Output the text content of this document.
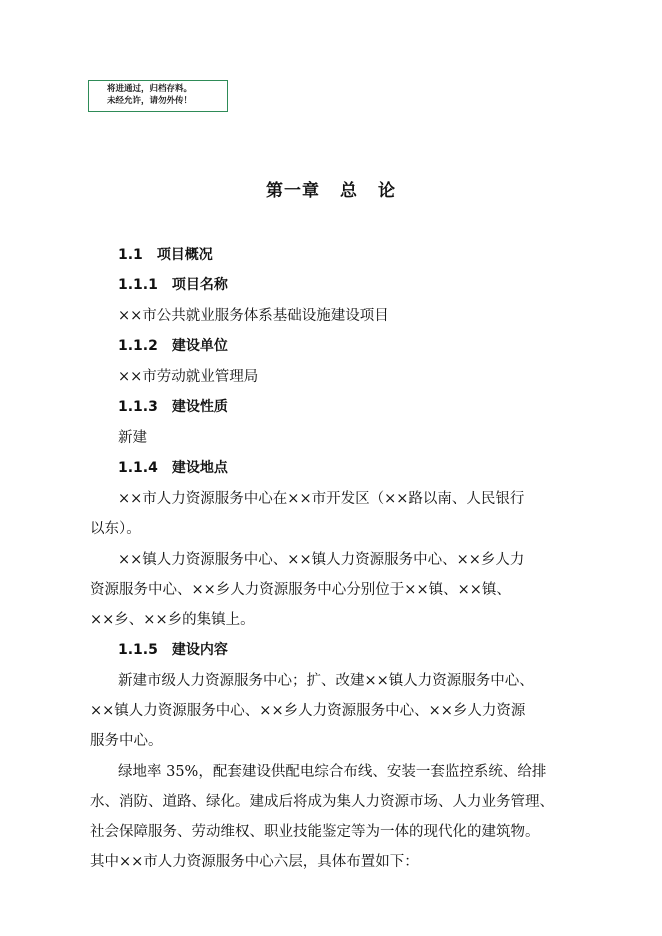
将进通过，归档存料。
未经允许，请勿外传！
第一章 总 论
1.1 项目概况
1.1.1 项目名称
××市公共就业服务体系基础设施建设项目
1.1.2 建设单位
××市劳动就业管理局
1.1.3 建设性质
新建
1.1.4 建设地点
××市人力资源服务中心在××市开发区（××路以南、人民银行
以东）。
××镇人力资源服务中心、××镇人力资源服务中心、××乡人力
资源服务中心、××乡人力资源服务中心分别位于××镇、××镇、
××乡、××乡的集镇上。
1.1.5 建设内容
新建市级人力资源服务中心；扩、改建××镇人力资源服务中心、
××镇人力资源服务中心、××乡人力资源服务中心、××乡人力资源
服务中心。
绿地率 35%，配套建设供配电综合布线、安装一套监控系统、给排
水、消防、道路、绿化。建成后将成为集人力资源市场、人力业务管理、
社会保障服务、劳动维权、职业技能鉴定等为一体的现代化的建筑物。
其中××市人力资源服务中心六层，具体布置如下：
